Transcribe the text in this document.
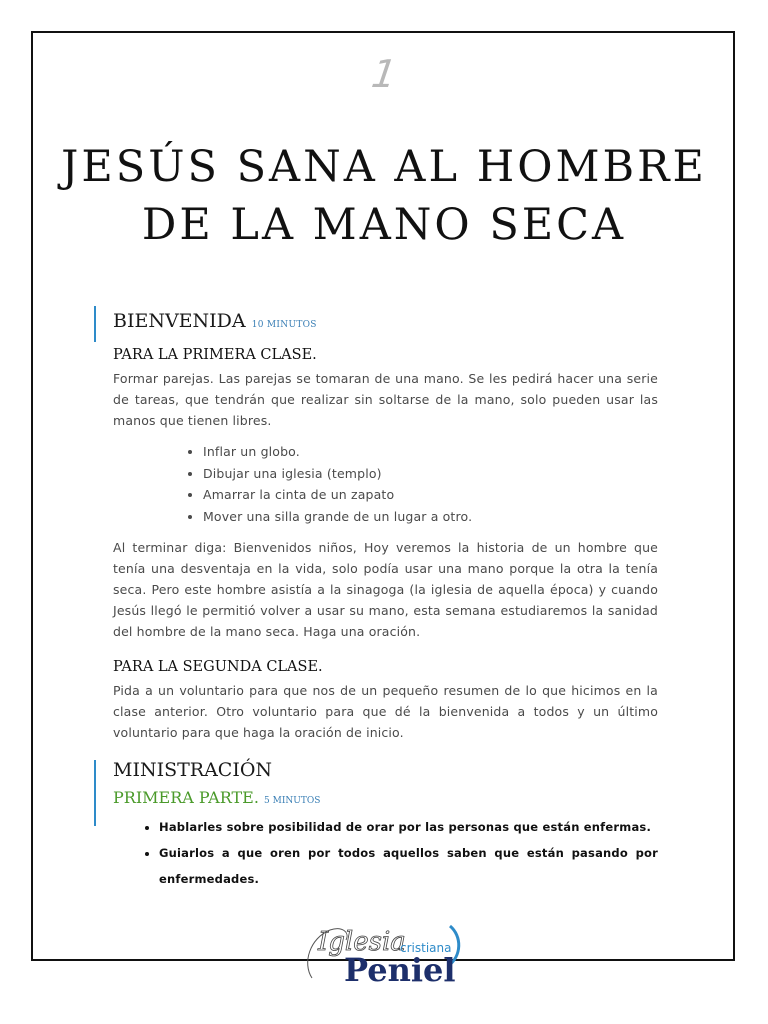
1
JESÚS SANA AL HOMBRE DE LA MANO SECA
BIENVENIDA 10 MINUTOS
PARA LA PRIMERA CLASE.

Formar parejas. Las parejas se tomaran de una mano. Se les pedirá hacer una serie de tareas, que tendrán que realizar sin soltarse de la mano, solo pueden usar las manos que tienen libres.

• Inflar un globo.
• Dibujar una iglesia (templo)
• Amarrar la cinta de un zapato
• Mover una silla grande de un lugar a otro.

Al terminar diga: Bienvenidos niños, Hoy veremos la historia de un hombre que tenía una desventaja en la vida, solo podía usar una mano porque la otra la tenía seca. Pero este hombre asistía a la sinagoga (la iglesia de aquella época) y cuando Jesús llegó le permitió volver a usar su mano, esta semana estudiaremos la sanidad del hombre de la mano seca. Haga una oración.

PARA LA SEGUNDA CLASE.

Pida a un voluntario para que nos de un pequeño resumen de lo que hicimos en la clase anterior. Otro voluntario para que dé la bienvenida a todos y un último voluntario para que haga la oración de inicio.

MINISTRACIÓN
PRIMERA PARTE. 5 MINUTOS
• Hablarles sobre posibilidad de orar por las personas que están enfermas.
• Guiarlos a que oren por todos aquellos saben que están pasando por enfermedades.
Iglesia
cristiana
Peniel
